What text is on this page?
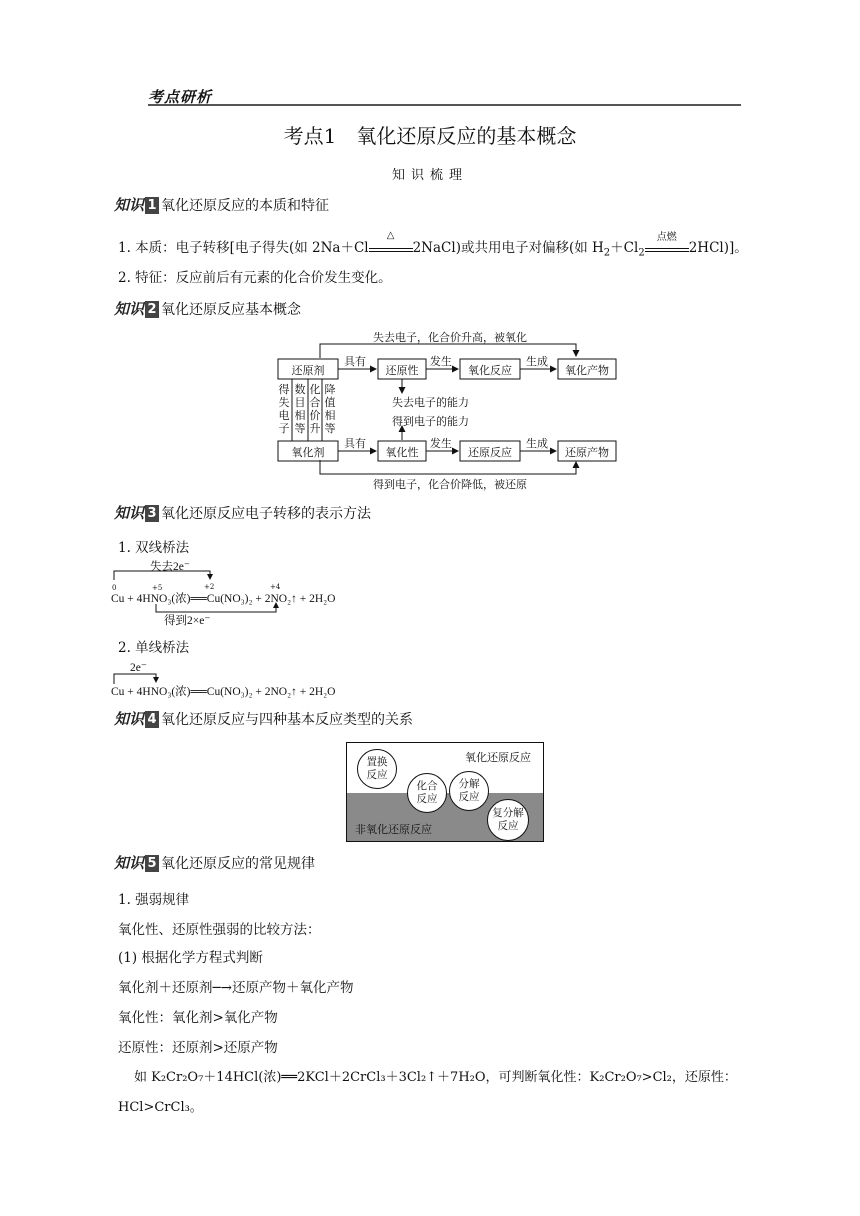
考点研析
考点1　氧化还原反应的基本概念
知识梳理
知识 1 氧化还原反应的本质和特征
1. 本质：电子转移[电子得失(如 2Na＋Cl
△
2NaCl)或共用电子对偏移(如 $H_2+Cl_2$
点燃
2HCl)]。
2. 特征：反应前后有元素的化合价发生变化。
知识 2 氧化还原反应基本概念
失去电子，化合价升高，被氧化
得到电子，化合价降低，被还原
还原剂	还原性	氧化反应	氧化产物
氧化剂	氧化性	还原反应	还原产物
具有	发生	生成
具有	发生	生成
失去电子的能力
得到电子的能力
得
失
电
子
数
目
相
等
化
合
价
升
降
值
相
等
知识 3 氧化还原反应电子转移的表示方法
1. 双线桥法
失去2e⁻
得到2×e⁻
0	+5	+2	+4
Cu + 4HNO₃(浓)══Cu(NO₃)₂ + 2NO₂↑ + 2H₂O
2. 单线桥法
2e⁻
Cu + 4HNO₃(浓)══Cu(NO₃)₂ + 2NO₂↑ + 2H₂O
知识 4 氧化还原反应与四种基本反应类型的关系
氧化还原反应
非氧化还原反应
置换
反应
化合
反应
分解
反应
复分解
反应
知识 5 氧化还原反应的常见规律
1. 强弱规律
氧化性、还原性强弱的比较方法：
(1) 根据化学方程式判断
氧化剂＋还原剂─→还原产物＋氧化产物
氧化性：氧化剂>氧化产物
还原性：还原剂>还原产物
如 K₂Cr₂O₇＋14HCl(浓)══2KCl＋2CrCl₃＋3Cl₂↑＋7H₂O，可判断氧化性：K₂Cr₂O₇>Cl₂，还原性：
HCl>CrCl₃。
